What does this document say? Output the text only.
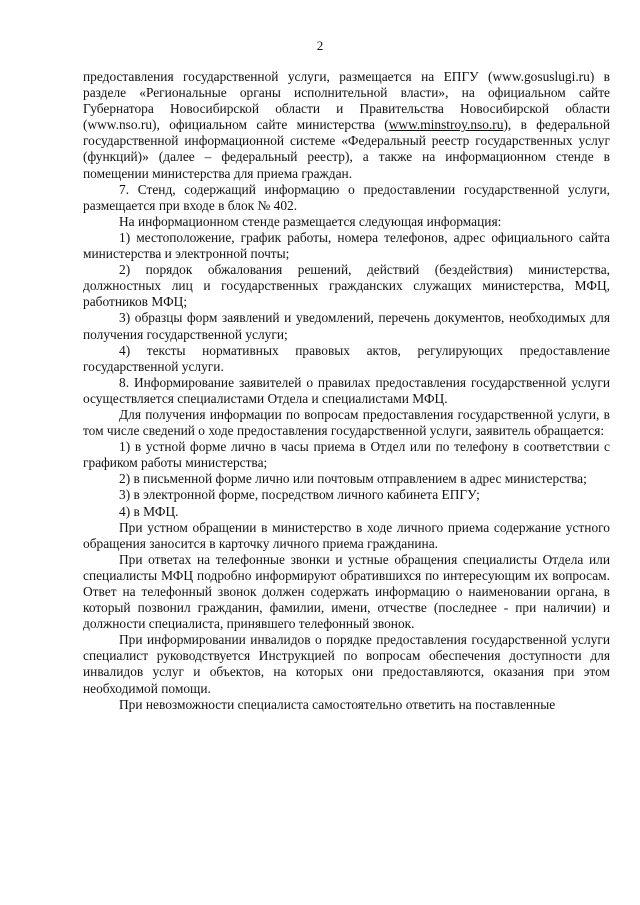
2

предоставления государственной услуги, размещается на ЕПГУ (www.gosuslugi.ru) в разделе «Региональные органы исполнительной власти», на официальном сайте Губернатора Новосибирской области и Правительства Новосибирской области (www.nso.ru), официальном сайте министерства (www.minstroy.nso.ru), в федеральной государственной информационной системе «Федеральный реестр государственных услуг (функций)» (далее – федеральный реестр), а также на информационном стенде в помещении министерства для приема граждан.

7. Стенд, содержащий информацию о предоставлении государственной услуги, размещается при входе в блок № 402.

На информационном стенде размещается следующая информация:

1) местоположение, график работы, номера телефонов, адрес официального сайта министерства и электронной почты;

2) порядок обжалования решений, действий (бездействия) министерства, должностных лиц и государственных гражданских служащих министерства, МФЦ, работников МФЦ;

3) образцы форм заявлений и уведомлений, перечень документов, необходимых для получения государственной услуги;

4) тексты нормативных правовых актов, регулирующих предоставление государственной услуги.

8. Информирование заявителей о правилах предоставления государственной услуги осуществляется специалистами Отдела и специалистами МФЦ.

Для получения информации по вопросам предоставления государственной услуги, в том числе сведений о ходе предоставления государственной услуги, заявитель обращается:

1) в устной форме лично в часы приема в Отдел или по телефону в соответствии с графиком работы министерства;

2) в письменной форме лично или почтовым отправлением в адрес министерства;

3) в электронной форме, посредством личного кабинета ЕПГУ;

4) в МФЦ.

При устном обращении в министерство в ходе личного приема содержание устного обращения заносится в карточку личного приема гражданина.

При ответах на телефонные звонки и устные обращения специалисты Отдела или специалисты МФЦ подробно информируют обратившихся по интересующим их вопросам. Ответ на телефонный звонок должен содержать информацию о наименовании органа, в который позвонил гражданин, фамилии, имени, отчестве (последнее - при наличии) и должности специалиста, принявшего телефонный звонок.

При информировании инвалидов о порядке предоставления государственной услуги специалист руководствуется Инструкцией по вопросам обеспечения доступности для инвалидов услуг и объектов, на которых они предоставляются, оказания при этом необходимой помощи.

При невозможности специалиста самостоятельно ответить на поставленные
